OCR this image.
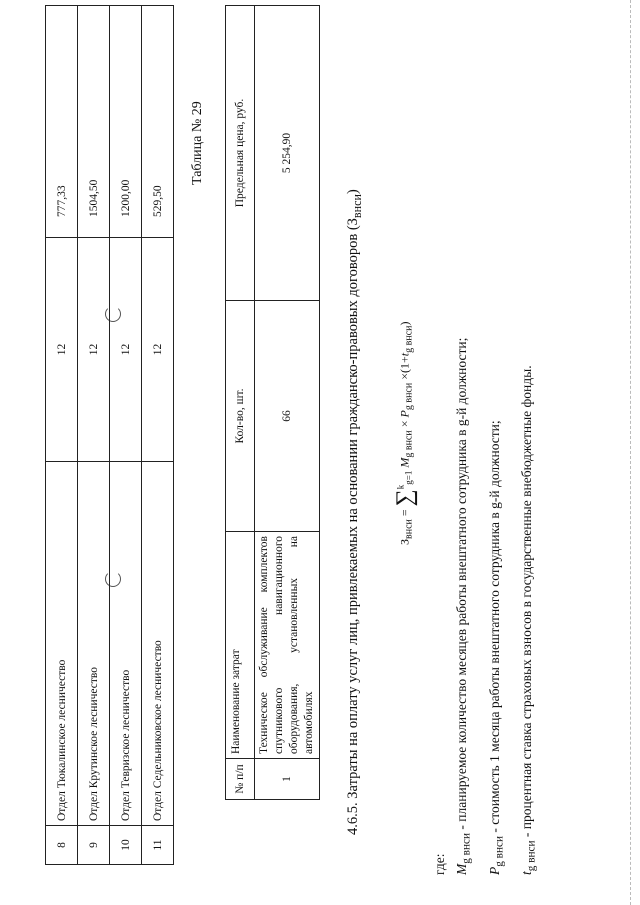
8	Отдел Тюкалинское лесничество	12	777,33
9	Отдел Крутинское лесничество	12	1504,50
10	Отдел Тевризское лесничество	12	1200,00
11	Отдел Седельниковское лесничество	12	529,50
Таблица № 29
№ п/п	Наименование затрат	Кол-во, шт.	Предельная цена, руб.
1	Техническое обслуживание комплектов спутникового навигационного оборудования, установленных на автомобилях	66	5 254,90
4.6.5. Затраты на оплату услуг лиц, привлекаемых на основании гражданско-правовых договоров $(З_{внси})$
$З_{внси} = \sum^k_{g=1}$ $M_{g внси} \times P_{g внси} \times(1+t_{g внси})$
где: $M_{g внси}$ - планируемое количество месяцев работы внештатного сотрудника в g-й должности;
$P_{g внси}$ - стоимость 1 месяца работы внештатного сотрудника в g-й должности;
$t_{g внси}$ - процентная ставка страховых взносов в государственные внебюджетные фонды.
